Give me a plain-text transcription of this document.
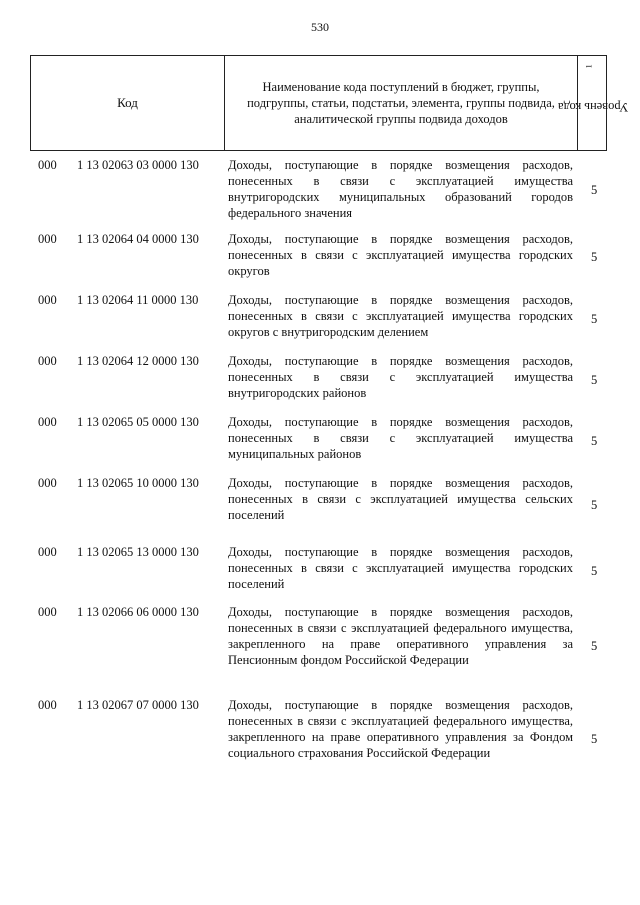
530
Код
Наименование кода поступлений в бюджет, группы, подгруппы, статьи, подстатьи, элемента, группы подвида, аналитической группы подвида доходов
Уровень кода $^1$
000 1 13 02063 03 0000 130 Доходы, поступающие в порядке возмещения расходов, понесенных в связи с эксплуатацией имущества внутригородских муниципальных образований городов федерального значения
5
000 1 13 02064 04 0000 130 Доходы, поступающие в порядке возмещения расходов, понесенных в связи с эксплуатацией имущества городских округов
5
000 1 13 02064 11 0000 130 Доходы, поступающие в порядке возмещения расходов, понесенных в связи с эксплуатацией имущества городских округов с внутригородским делением
5
000 1 13 02064 12 0000 130 Доходы, поступающие в порядке возмещения расходов, понесенных в связи с эксплуатацией имущества внутригородских районов
5
000 1 13 02065 05 0000 130 Доходы, поступающие в порядке возмещения расходов, понесенных в связи с эксплуатацией имущества муниципальных районов
5
000 1 13 02065 10 0000 130 Доходы, поступающие в порядке возмещения расходов, понесенных в связи с эксплуатацией имущества сельских поселений
5
000 1 13 02065 13 0000 130 Доходы, поступающие в порядке возмещения расходов, понесенных в связи с эксплуатацией имущества городских поселений
5
000 1 13 02066 06 0000 130 Доходы, поступающие в порядке возмещения расходов, понесенных в связи с эксплуатацией федерального имущества, закрепленного на праве оперативного управления за Пенсионным фондом Российской Федерации
5
000 1 13 02067 07 0000 130 Доходы, поступающие в порядке возмещения расходов, понесенных в связи с эксплуатацией федерального имущества, закрепленного на праве оперативного управления за Фондом социального страхования Российской Федерации
5
